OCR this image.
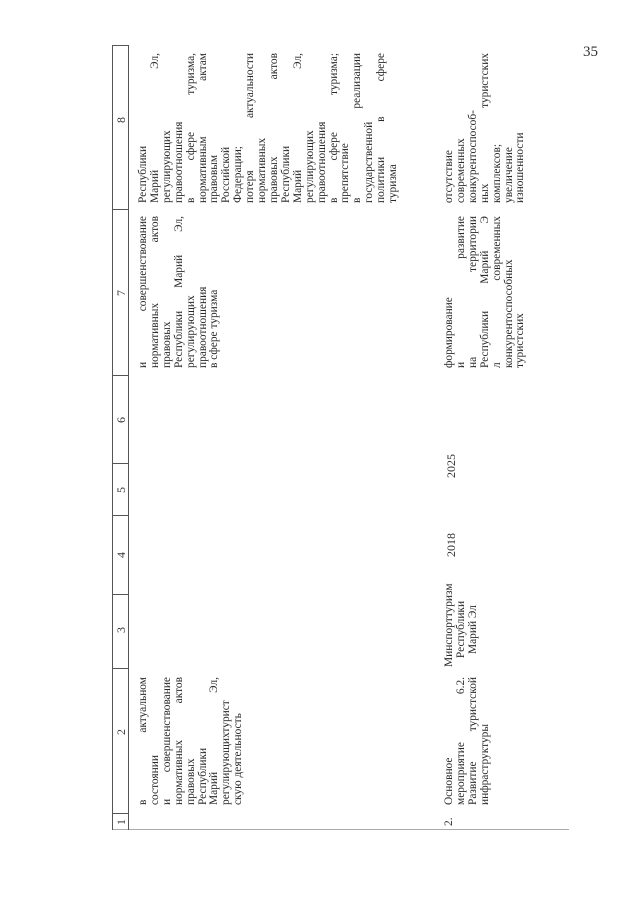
35
1
2
3
4
5
6
7
8
в актуальном состоянии и совершенствование нормативных актов правовых Республики Марий Эл, регулирующихтурист скую деятельность
и совершенствование нормативных актов правовых Республики Марий Эл, регулирующих правоотношения в сфере туризма
Республики Марий Эл, регулирующих правоотношения в сфере туризма, нормативным актам правовым Российской Федерации; потеря актуальности нормативных правовых актов Республики Марий Эл, регулирующих правоотношения в сфере туризма; препятствие в реализации государственной политики в сфере туризма
2.
Основное мероприятие 6.2. Развитие туристской инфраструктуры
Минспорттуризм Республики Марий Эл
2018
2025
формирование и развитие на территории Республики Марий Э л современных конкурентоспособных туристских
отсутствие современных конкурентоспособ- ных туристских комплексов; увеличение изношенности
